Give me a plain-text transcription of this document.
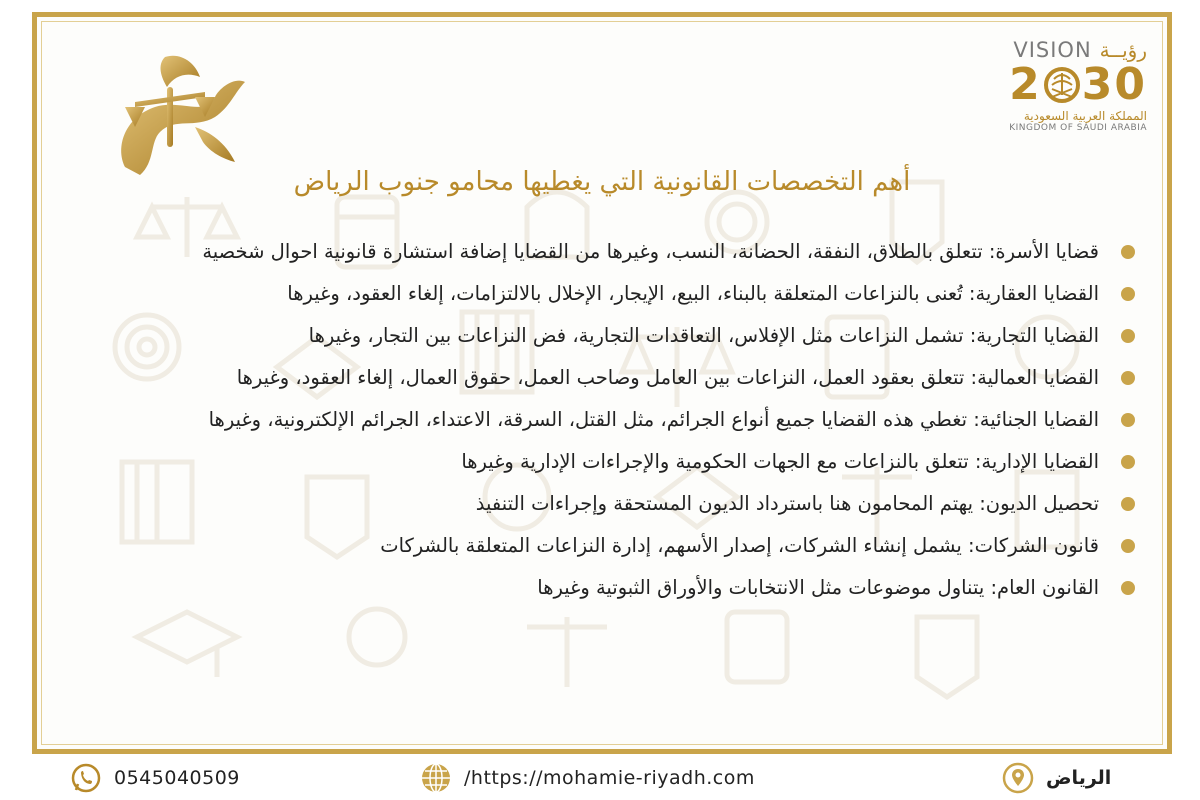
VISION رؤيــة
2 30
المملكة العربية السعودية
KINGDOM OF SAUDI ARABIA
أهم التخصصات القانونية التي يغطيها محامو جنوب الرياض
قضايا الأسرة: تتعلق بالطلاق، النفقة، الحضانة، النسب، وغيرها من القضايا إضافة استشارة قانونية احوال شخصية
القضايا العقارية: تُعنى بالنزاعات المتعلقة بالبناء، البيع، الإيجار، الإخلال بالالتزامات، إلغاء العقود، وغيرها
القضايا التجارية: تشمل النزاعات مثل الإفلاس، التعاقدات التجارية، فض النزاعات بين التجار، وغيرها
القضايا العمالية: تتعلق بعقود العمل، النزاعات بين العامل وصاحب العمل، حقوق العمال، إلغاء العقود، وغيرها
القضايا الجنائية: تغطي هذه القضايا جميع أنواع الجرائم، مثل القتل، السرقة، الاعتداء، الجرائم الإلكترونية، وغيرها
القضايا الإدارية: تتعلق بالنزاعات مع الجهات الحكومية والإجراءات الإدارية وغيرها
تحصيل الديون: يهتم المحامون هنا باسترداد الديون المستحقة وإجراءات التنفيذ
قانون الشركات: يشمل إنشاء الشركات، إصدار الأسهم، إدارة النزاعات المتعلقة بالشركات
القانون العام: يتناول موضوعات مثل الانتخابات والأوراق الثبوتية وغيرها
0545040509	/https://mohamie-riyadh.com	الرياض
